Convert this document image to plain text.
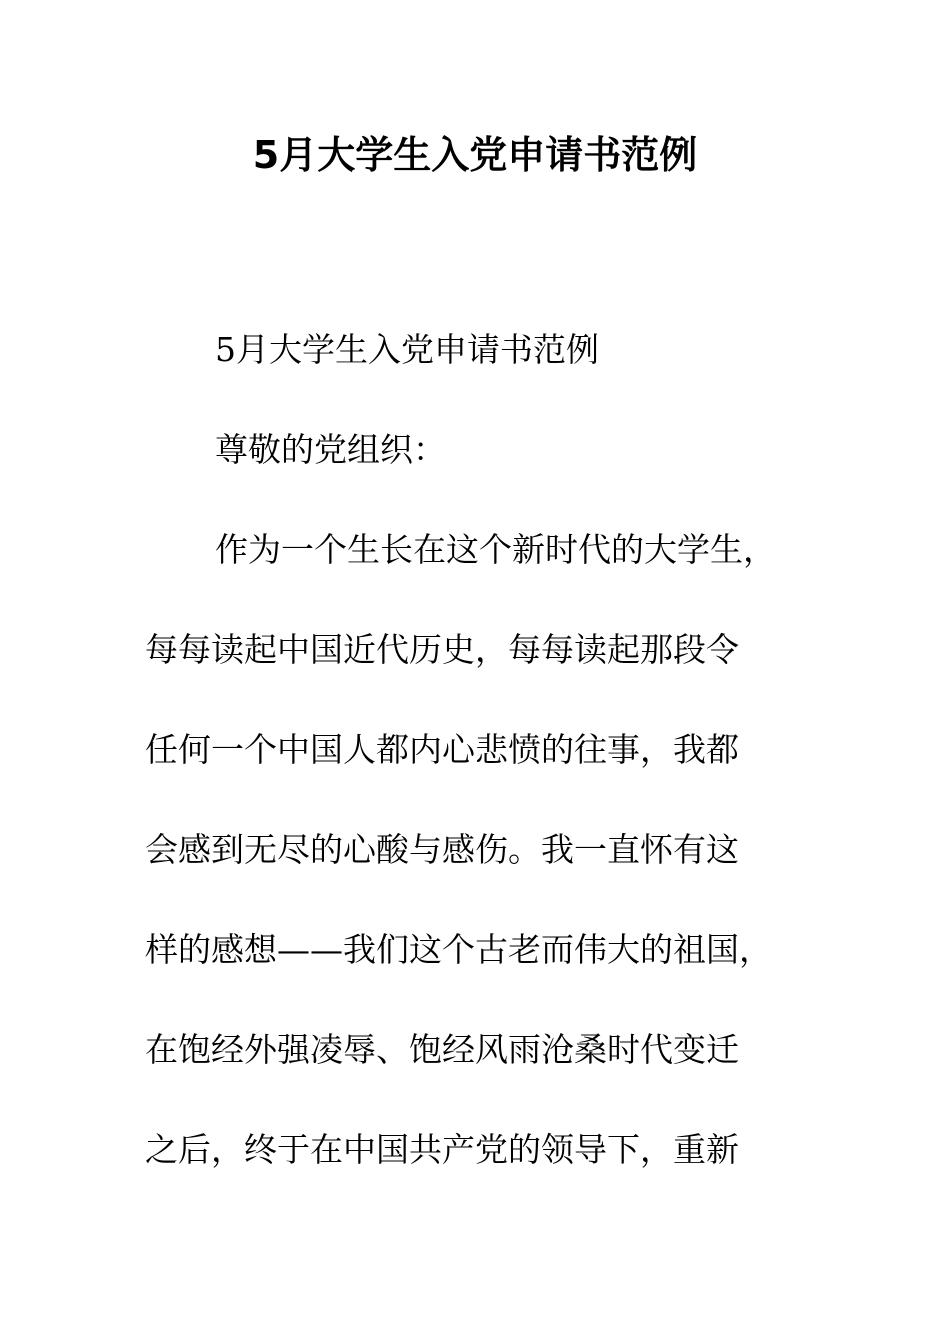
5月大学生入党申请书范例
5月大学生入党申请书范例
尊敬的党组织：
作为一个生长在这个新时代的大学生，
每每读起中国近代历史，每每读起那段令
任何一个中国人都内心悲愤的往事，我都
会感到无尽的心酸与感伤。我一直怀有这
样的感想——我们这个古老而伟大的祖国，
在饱经外强凌辱、饱经风雨沧桑时代变迁
之后，终于在中国共产党的领导下，重新
